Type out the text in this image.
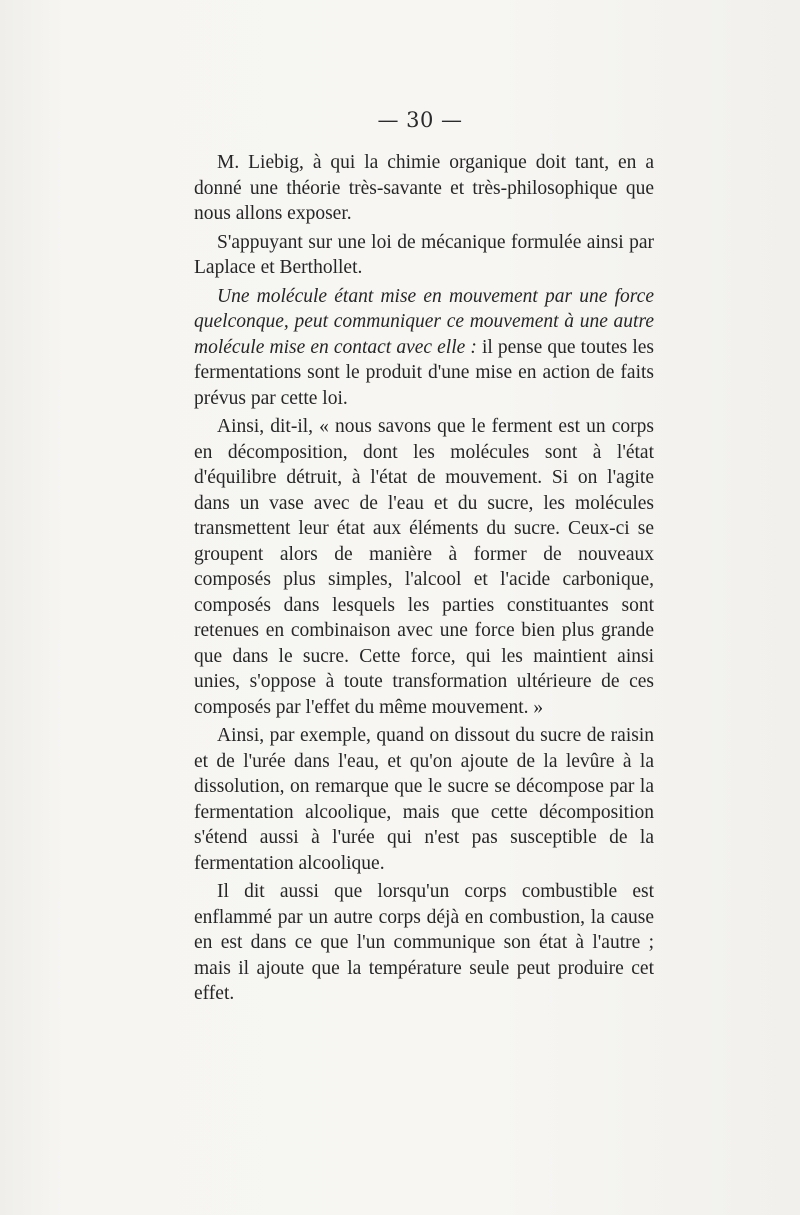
— 30 —

M. Liebig, à qui la chimie organique doit tant, en a donné une théorie très-savante et très-philosophique que nous allons exposer.

S'appuyant sur une loi de mécanique formulée ainsi par Laplace et Berthollet.

Une molécule étant mise en mouvement par une force quelconque, peut communiquer ce mouvement à une autre molécule mise en contact avec elle : il pense que toutes les fermentations sont le produit d'une mise en action de faits prévus par cette loi.

Ainsi, dit-il, « nous savons que le ferment est un corps en décomposition, dont les molécules sont à l'état d'équilibre détruit, à l'état de mouvement. Si on l'agite dans un vase avec de l'eau et du sucre, les molécules transmettent leur état aux éléments du sucre. Ceux-ci se groupent alors de manière à former de nouveaux composés plus simples, l'alcool et l'acide carbonique, composés dans lesquels les parties constituantes sont retenues en combinaison avec une force bien plus grande que dans le sucre. Cette force, qui les maintient ainsi unies, s'oppose à toute transformation ultérieure de ces composés par l'effet du même mouvement. »

Ainsi, par exemple, quand on dissout du sucre de raisin et de l'urée dans l'eau, et qu'on ajoute de la levûre à la dissolution, on remarque que le sucre se décompose par la fermentation alcoolique, mais que cette décomposition s'étend aussi à l'urée qui n'est pas susceptible de la fermentation alcoolique.

Il dit aussi que lorsqu'un corps combustible est enflammé par un autre corps déjà en combustion, la cause en est dans ce que l'un communique son état à l'autre ; mais il ajoute que la température seule peut produire cet effet.
